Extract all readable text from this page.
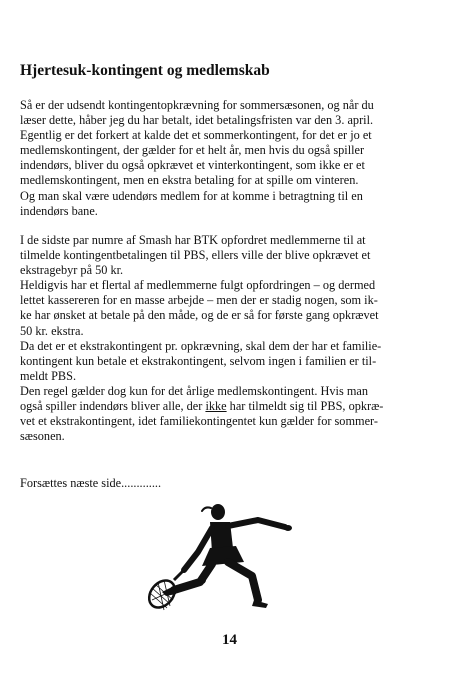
Hjertesuk-kontingent og medlemskab
Så er der udsendt kontingentopkrævning for sommersæsonen, og når du
læser dette, håber jeg du har betalt, idet betalingsfristen var den 3. april.
Egentlig er det forkert at kalde det et sommerkontingent, for det er jo et
medlemskontingent, der gælder for et helt år, men hvis du også spiller
indendørs, bliver du også opkrævet et vinterkontingent, som ikke er et
medlemskontingent, men en ekstra betaling for at spille om vinteren.
Og man skal være udendørs medlem for at komme i betragtning til en
indendørs bane.
I de sidste par numre af Smash har BTK opfordret medlemmerne til at
tilmelde kontingentbetalingen til PBS, ellers ville der blive opkrævet et
ekstragebyr på 50 kr.
Heldigvis har et flertal af medlemmerne fulgt opfordringen – og dermed
lettet kassereren for en masse arbejde – men der er stadig nogen, som ik-
ke har ønsket at betale på den måde, og de er så for første gang opkrævet
50 kr. ekstra.
Da det er et ekstrakontingent pr. opkrævning, skal dem der har et familie-
kontingent kun betale et ekstrakontingent, selvom ingen i familien er til-
meldt PBS.
Den regel gælder dog kun for det årlige medlemskontingent. Hvis man
også spiller indendørs bliver alle, der ikke har tilmeldt sig til PBS, opkræ-
vet et ekstrakontingent, idet familiekontingentet kun gælder for sommer-
sæsonen.
Forsættes næste side.............
14
